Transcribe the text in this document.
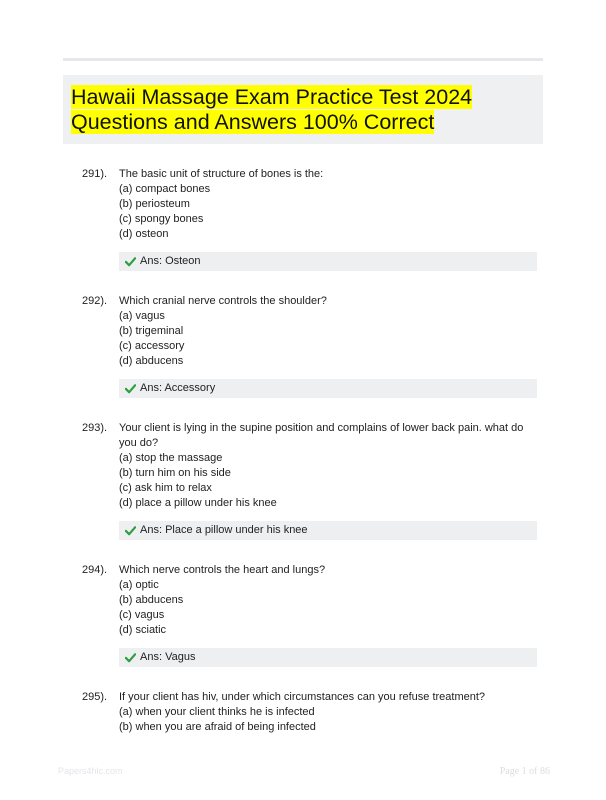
Hawaii Massage Exam Practice Test 2024
Questions and Answers 100% Correct
291). The basic unit of structure of bones is the:
(a) compact bones
(b) periosteum
(c) spongy bones
(d) osteon
Ans: Osteon
292). Which cranial nerve controls the shoulder?
(a) vagus
(b) trigeminal
(c) accessory
(d) abducens
Ans: Accessory
293). Your client is lying in the supine position and complains of lower back pain. what do you do?
(a) stop the massage
(b) turn him on his side
(c) ask him to relax
(d) place a pillow under his knee
Ans: Place a pillow under his knee
294). Which nerve controls the heart and lungs?
(a) optic
(b) abducens
(c) vagus
(d) sciatic
Ans: Vagus
295). If your client has hiv, under which circumstances can you refuse treatment?
(a) when your client thinks he is infected
(b) when you are afraid of being infected
Papers4hlc.com	Page 1 of 86
